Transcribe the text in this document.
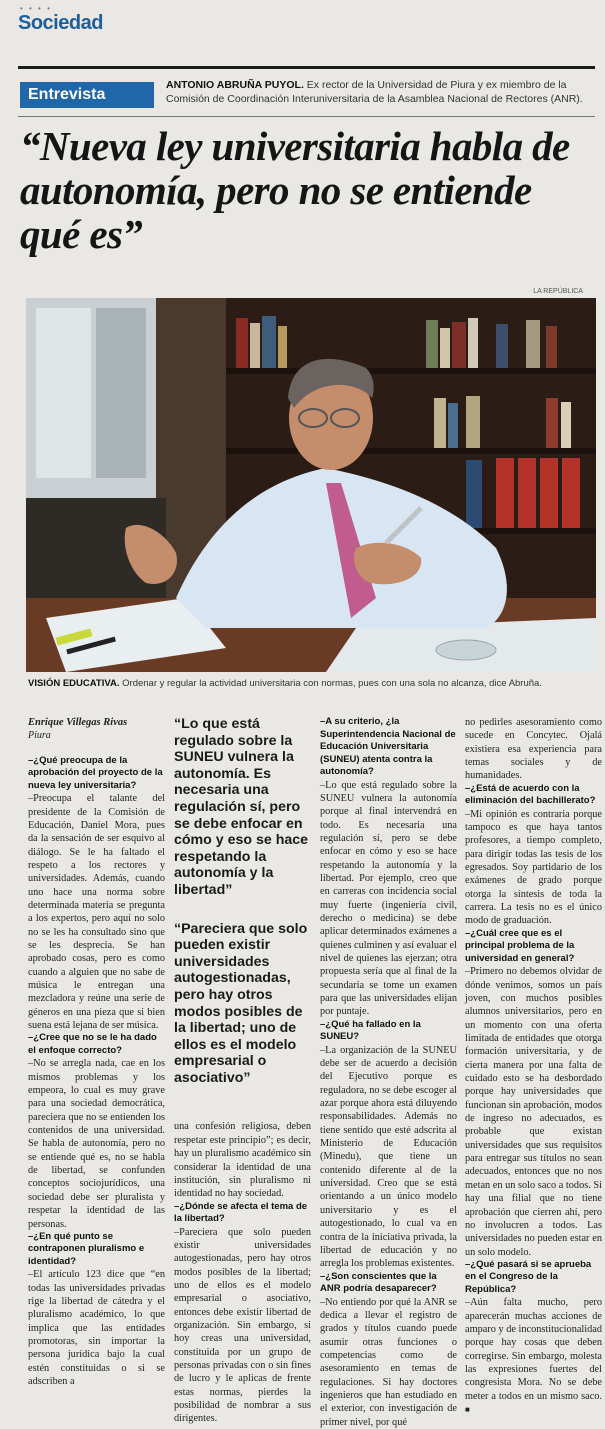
• • • •
Sociedad
Entrevista
ANTONIO ABRUÑA PUYOL. Ex rector de la Universidad de Piura y ex miembro de la Comisión de Coordinación Interuniversitaria de la Asamblea Nacional de Rectores (ANR).
“Nueva ley universitaria habla de autonomía, pero no se entiende qué es”
LA REPÚBLICA
VISIÓN EDUCATIVA. Ordenar y regular la actividad universitaria con normas, pues con una sola no alcanza, dice Abruña.

Enrique Villegas Rivas

Piura

–¿Qué preocupa de la aprobación del proyecto de la nueva ley universitaria?

–Preocupa el talante del presidente de la Comisión de Educación, Daniel Mora, pues da la sensación de ser esquivo al diálogo. Se le ha faltado el respeto a los rectores y universidades. Además, cuando uno hace una norma sobre determinada materia se pregunta a los expertos, pero aquí no solo no se les ha consultado sino que se les desprecia. Se han aprobado cosas, pero es como cuando a alguien que no sabe de música le entregan una mezcladora y reúne una serie de géneros en una pieza que si bien suena está lejana de ser música.

–¿Cree que no se le ha dado el enfoque correcto?

–No se arregla nada, cae en los mismos problemas y los empeora, lo cual es muy grave para una sociedad democrática, pareciera que no se entienden los contenidos de una universidad. Se habla de autonomía, pero no se entiende qué es, no se habla de libertad, se confunden conceptos sociojurídicos, una sociedad debe ser pluralista y respetar la identidad de las personas.

–¿En qué punto se contraponen pluralismo e identidad?

–El artículo 123 dice que “en todas las universidades privadas rige la libertad de cátedra y el pluralismo académico, lo que implica que las entidades promotoras, sin importar la persona jurídica bajo la cual estén constituidas o si se adscriben a

“Lo que está regulado sobre la SUNEU vulnera la autonomía. Es necesaria una regulación sí, pero se debe enfocar en cómo y eso se hace respetando la autonomía y la libertad”

“Pareciera que solo pueden existir universidades autogestionadas, pero hay otros modos posibles de la libertad; uno de ellos es el modelo empresarial o asociativo”

una confesión religiosa, deben respetar este principio”; es decir, hay un pluralismo académico sin considerar la identidad de una institución, sin pluralismo ni identidad no hay sociedad.

–¿Dónde se afecta el tema de la libertad?

–Pareciera que solo pueden existir universidades autogestionadas, pero hay otros modos posibles de la libertad; uno de ellos es el modelo empresarial o asociativo, entonces debe existir libertad de organización. Sin embargo, si hoy creas una universidad, constituida por un grupo de personas privadas con o sin fines de lucro y le aplicas de frente estas normas, pierdes la posibilidad de nombrar a sus dirigentes.

–A su criterio, ¿la Superintendencia Nacional de Educación Universitaria (SUNEU) atenta contra la autonomía?

–Lo que está regulado sobre la SUNEU vulnera la autonomía porque al final intervendrá en todo. Es necesaria una regulación sí, pero se debe enfocar en cómo y eso se hace respetando la autonomía y la libertad. Por ejemplo, creo que en carreras con incidencia social muy fuerte (ingeniería civil, derecho o medicina) se debe aplicar determinados exámenes a quienes culminen y así evaluar el nivel de quienes las ejerzan; otra propuesta sería que al final de la secundaria se tome un examen para que las universidades elijan por puntaje.

–¿Qué ha fallado en la SUNEU?

–La organización de la SUNEU debe ser de acuerdo a decisión del Ejecutivo porque es reguladora, no se debe escoger al azar porque ahora está diluyendo responsabilidades. Además no tiene sentido que esté adscrita al Ministerio de Educación (Minedu), que tiene un contenido diferente al de la universidad. Creo que se está orientando a un único modelo universitario y es el autogestionado, lo cual va en contra de la iniciativa privada, la libertad de educación y no arregla los problemas existentes.

–¿Son conscientes que la ANR podría desaparecer?

–No entiendo por qué la ANR se dedica a llevar el registro de grados y títulos cuando puede asumir otras funciones o competencias como de asesoramiento en temas de regulaciones. Si hay doctores ingenieros que han estudiado en el exterior, con investigación de primer nivel, por qué

no pedirles asesoramiento como sucede en Concytec. Ojalá existiera esa experiencia para temas sociales y de humanidades.

–¿Está de acuerdo con la eliminación del bachillerato?

–Mi opinión es contraria porque tampoco es que haya tantos profesores, a tiempo completo, para dirigir todas las tesis de los egresados. Soy partidario de los exámenes de grado porque otorga la síntesis de toda la carrera. La tesis no es el único modo de graduación.

–¿Cuál cree que es el principal problema de la universidad en general?

–Primero no debemos olvidar de dónde venimos, somos un país joven, con muchos posibles alumnos universitarios, pero en un momento con una oferta limitada de entidades que otorga formación universitaria, y de cierta manera por una falta de cuidado esto se ha desbordado porque hay universidades que funcionan sin aprobación, modos de ingreso no adecuados, es probable que existan universidades que sus requisitos para entregar sus títulos no sean adecuados, entonces que no nos metan en un solo saco a todos. Si hay una filial que no tiene aprobación que cierren ahí, pero no involucren a todos. Las universidades no pueden estar en un solo modelo.

–¿Qué pasará si se aprueba en el Congreso de la República?

–Aún falta mucho, pero aparecerán muchas acciones de amparo y de inconstitucionalidad porque hay cosas que deben corregirse. Sin embargo, molesta las expresiones fuertes del congresista Mora. No se debe meter a todos en un mismo saco. ■
